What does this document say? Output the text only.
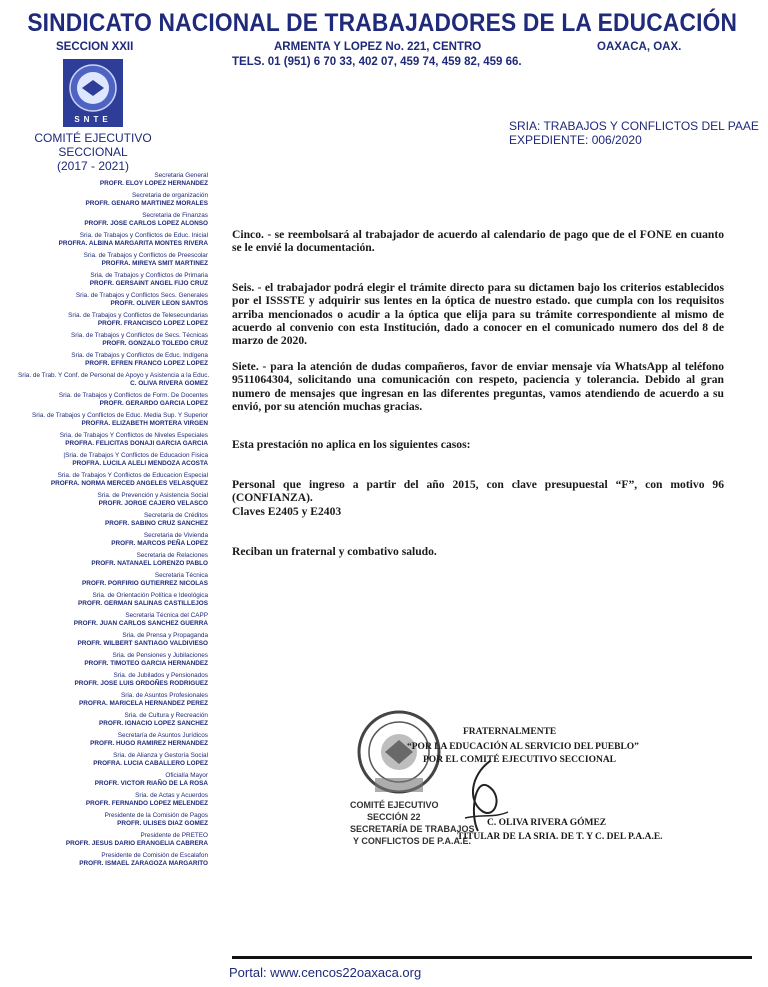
SINDICATO NACIONAL DE TRABAJADORES DE LA EDUCACIÓN
SECCION XXII	ARMENTA Y LOPEZ No. 221, CENTRO	OAXACA, OAX.
TELS. 01 (951) 6 70 33, 402 07, 459 74, 459 82, 459 66.
SNTE
COMITÉ EJECUTIVO SECCIONAL
(2017 - 2021)
SRIA: TRABAJOS Y CONFLICTOS DEL PAAE
EXPEDIENTE: 006/2020
Secretaria General
PROFR. ELOY LOPEZ HERNANDEZ
Secretaria de organización
PROFR. GENARO MARTINEZ MORALES
Secretaria de Finanzas
PROFR. JOSE CARLOS LOPEZ ALONSO
Sria. de Trabajos y Conflictos de Educ. Inicial
PROFRA. ALBINA MARGARITA MONTES RIVERA
Sria. de Trabajos y Conflictos de Preescolar
PROFRA. MIREYA SMIT MARTINEZ
Sria. de Trabajos y Conflictos de Primaria
PROFR. GERSAINT ANGEL FIJO CRUZ
Sria. de Trabajos y Conflictos Secs. Generales
PROFR. OLIVER LEON SANTOS
Sria. de Trabajos y Conflictos de Telesecundarias
PROFR. FRANCISCO LOPEZ LOPEZ
Sria. de Trabajos y Conflictos de Secs. Técnicas
PROFR. GONZALO TOLEDO CRUZ
Sria. de Trabajos y Conflictos de Educ. Indígena
PROFR. EFREN FRANCO LOPEZ LOPEZ
Sria. de Trab. Y Conf. de Personal de Apoyo y Asistencia a la Educ.
C. OLIVA RIVERA GOMEZ
Sria. de Trabajos y Conflictos de Form. De Docentes
PROFR. GERARDO GARCIA LOPEZ
Sria. de Trabajos y Conflictos de Educ. Media Sup. Y Superior
PROFRA. ELIZABETH MORTERA VIRGEN
Sria. de Trabajos Y Conflictos de Niveles Especiales
PROFRA. FELICITAS DONAJI GARCIA GARCIA
|Sria. de Trabajos Y Conflictos de Educacion Fisica
PROFRA. LUCILA ALELI MENDOZA ACOSTA
Sria. de Trabajos Y Conflictos de Educacion Especial
PROFRA. NORMA MERCED ANGELES VELASQUEZ
Sria. de Prevención y Asistencia Social
PROFR. JORGE CAJERO VELASCO
Secretaría de Créditos
PROFR. SABINO CRUZ SANCHEZ
Secretaria de Vivienda
PROFR. MARCOS PEÑA LOPEZ
Secretaria de Relaciones
PROFR. NATANAEL LORENZO PABLO
Secretaria Técnica
PROFR. PORFIRIO GUTIERREZ NICOLAS
Sria. de Orientación Política e Ideológica
PROFR. GERMAN SALINAS CASTILLEJOS
Secretaria Técnica del CAPP
PROFR. JUAN CARLOS SANCHEZ GUERRA
Sria. de Prensa y Propaganda
PROFR. WILBERT SANTIAGO VALDIVIESO
Sria. de Pensiones y Jubilaciones
PROFR. TIMOTEO GARCIA HERNANDEZ
Sria. de Jubilados y Pensionados
PROFR. JOSE LUIS ORDOÑES RODRIGUEZ
Sria. de Asuntos Profesionales
PROFRA. MARICELA HERNANDEZ PEREZ
Sria. de Cultura y Recreación
PROFR. IGNACIO LOPEZ SANCHEZ
Secretaría de Asuntos Jurídicos
PROFR. HUGO RAMIREZ HERNANDEZ
Sria. de Alianza y Gestoría Social
PROFRA. LUCIA CABALLERO LOPEZ
Oficialía Mayor
PROFR. VICTOR RIAÑO DE LA ROSA
Sria. de Actas y Acuerdos
PROFR. FERNANDO LOPEZ MELENDEZ
Presidente de la Comisión de Pagos
PROFR. ULISES DIAZ GOMEZ
Presidente de PRETEO
PROFR. JESUS DARIO ERANGELIA CABRERA
Presidente de Comisión de Escalafon
PROFR. ISMAEL ZARAGOZA MARGARITO
Cinco. - se reembolsará al trabajador de acuerdo al calendario de pago que de el FONE en cuanto se le envié la documentación.
Seis. - el trabajador podrá elegir el trámite directo para su dictamen bajo los criterios establecidos por el ISSSTE y adquirir sus lentes en la óptica de nuestro estado. que cumpla con los requisitos arriba mencionados o acudir a la óptica que elija para su trámite correspondiente al mismo de acuerdo al convenio con esta Institución, dado a conocer en el comunicado numero dos del 8 de marzo de 2020.
Siete. - para la atención de dudas compañeros, favor de enviar mensaje vía WhatsApp al teléfono 9511064304, solicitando una comunicación con respeto, paciencia y tolerancia. Debido al gran numero de mensajes que ingresan en las diferentes preguntas, vamos atendiendo de acuerdo a su envió, por su atención muchas gracias.
Esta prestación no aplica en los siguientes casos:
Personal que ingreso a partir del año 2015, con clave presupuestal “F”, con motivo 96 (CONFIANZA).
Claves E2405 y E2403
Reciban un fraternal y combativo saludo.
FRATERNALMENTE
“POR LA EDUCACIÓN AL SERVICIO DEL PUEBLO”
POR EL COMITÉ EJECUTIVO SECCIONAL
COMITÉ EJECUTIVO
SECCIÓN 22
SECRETARÍA DE TRABAJOS
Y CONFLICTOS DE P.A.A.E.
C. OLIVA RIVERA GÓMEZ
TITULAR DE LA SRIA. DE T. Y C. DEL P.A.A.E.
Portal: www.cencos22oaxaca.org
